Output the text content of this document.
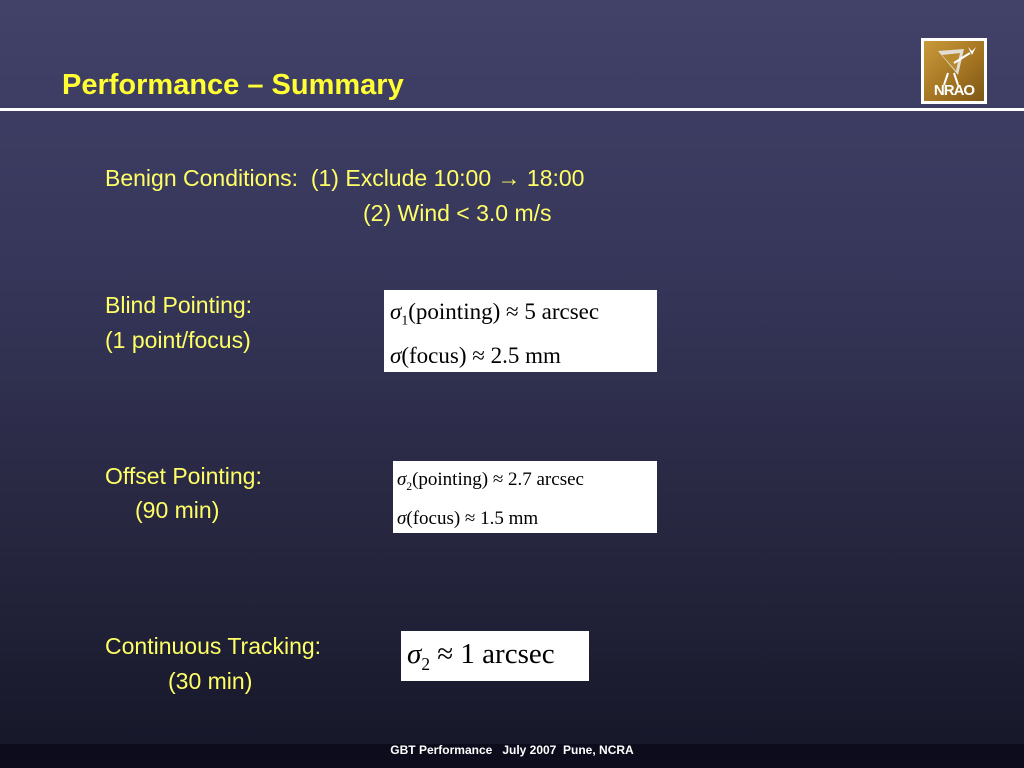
Performance – Summary	NRAO
Benign Conditions: (1) Exclude 10:00 → 18:00
(2) Wind < 3.0 m/s
Blind Pointing:
(1 point/focus)
$\sigma_1(pointing) \approx 5$ arcsec
σ(focus) ≈ 2.5 mm
Offset Pointing:
(90 min)
$\sigma_2(pointing) \approx 2.7$ arcsec
σ(focus) ≈ 1.5 mm
Continuous Tracking:
(30 min)
$\sigma_2 \approx 1$ arcsec
GBT Performance   July 2007  Pune, NCRA
